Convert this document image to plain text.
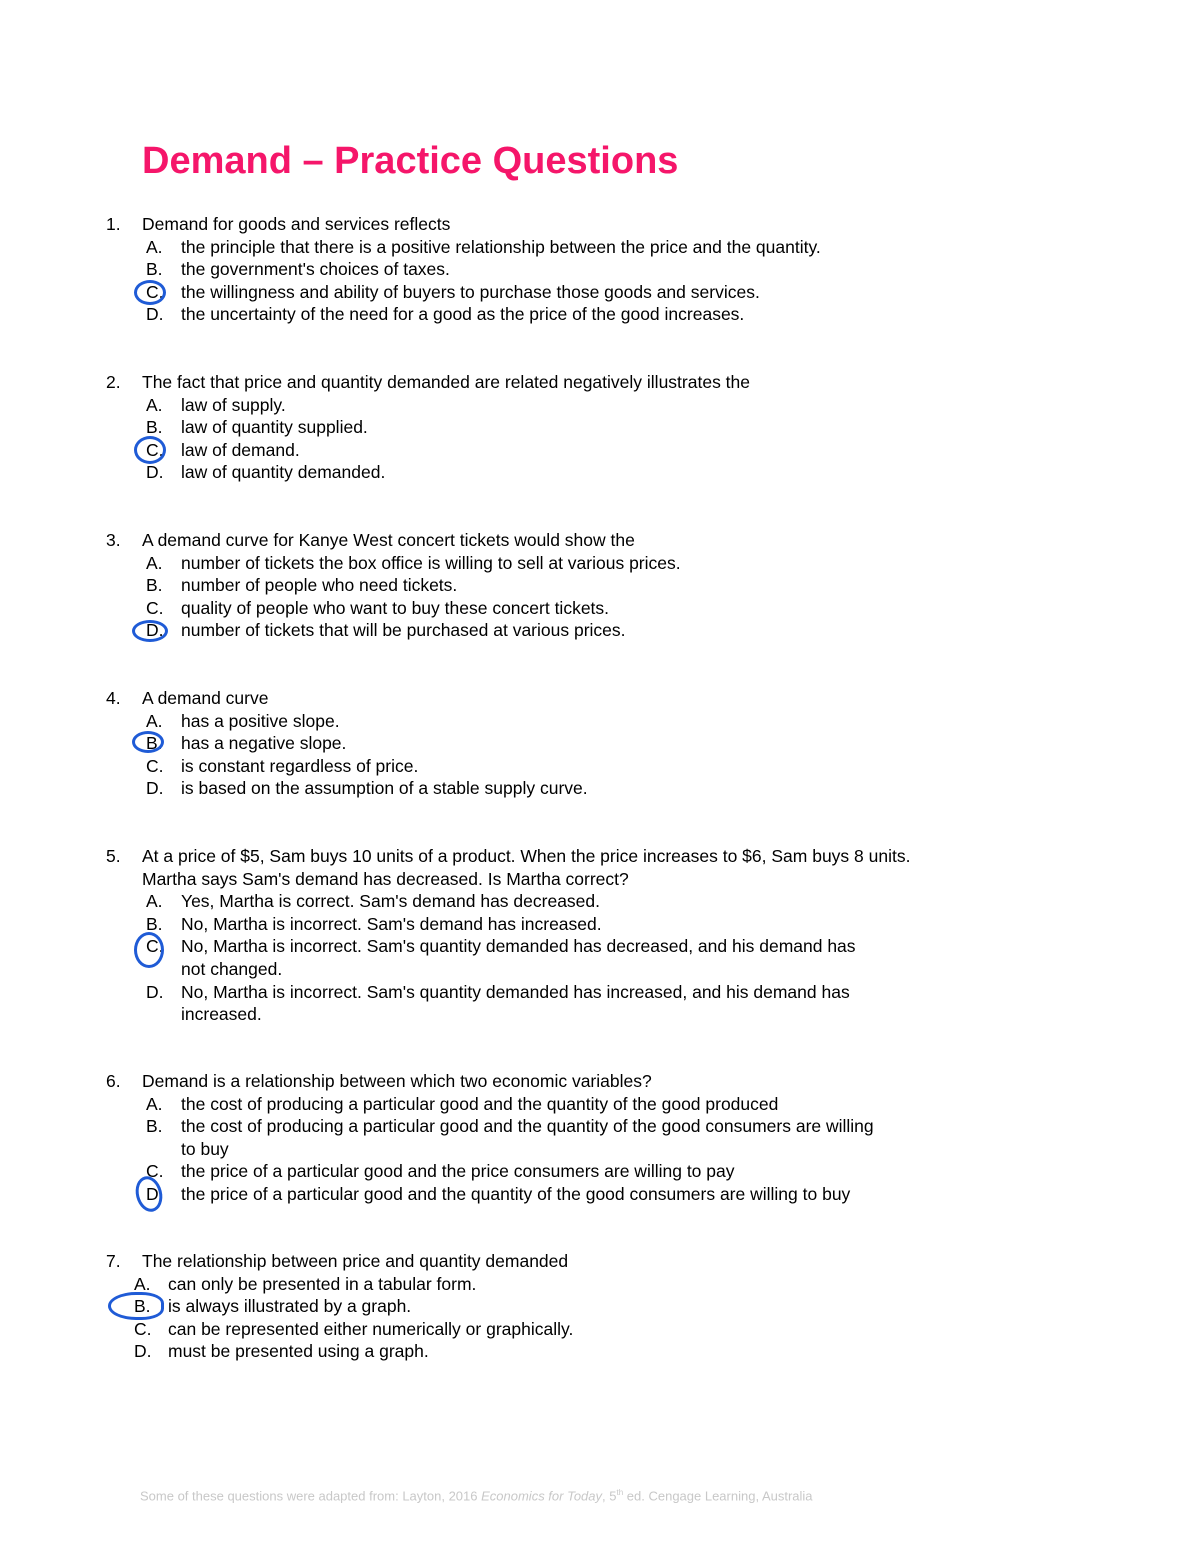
Demand – Practice Questions
1. Demand for goods and services reflects
A. the principle that there is a positive relationship between the price and the quantity.
B. the government's choices of taxes.
C. the willingness and ability of buyers to purchase those goods and services.
D. the uncertainty of the need for a good as the price of the good increases.
2. The fact that price and quantity demanded are related negatively illustrates the
A. law of supply.
B. law of quantity supplied.
C. law of demand.
D. law of quantity demanded.
3. A demand curve for Kanye West concert tickets would show the
A. number of tickets the box office is willing to sell at various prices.
B. number of people who need tickets.
C. quality of people who want to buy these concert tickets.
D. number of tickets that will be purchased at various prices.
4. A demand curve
A. has a positive slope.
B. has a negative slope.
C. is constant regardless of price.
D. is based on the assumption of a stable supply curve.
5. At a price of $5, Sam buys 10 units of a product. When the price increases to $6, Sam buys 8 units.
Martha says Sam's demand has decreased. Is Martha correct?
A. Yes, Martha is correct. Sam's demand has decreased.
B. No, Martha is incorrect. Sam's demand has increased.
C. No, Martha is incorrect. Sam's quantity demanded has decreased, and his demand has
not changed.
D. No, Martha is incorrect. Sam's quantity demanded has increased, and his demand has
increased.
6. Demand is a relationship between which two economic variables?
A. the cost of producing a particular good and the quantity of the good produced
B. the cost of producing a particular good and the quantity of the good consumers are willing
to buy
C. the price of a particular good and the price consumers are willing to pay
D. the price of a particular good and the quantity of the good consumers are willing to buy
7. The relationship between price and quantity demanded
A. can only be presented in a tabular form.
B. is always illustrated by a graph.
C. can be represented either numerically or graphically.
D. must be presented using a graph.
Some of these questions were adapted from: Layton, 2016 Economics for Today, 5th ed. Cengage Learning, Australia
